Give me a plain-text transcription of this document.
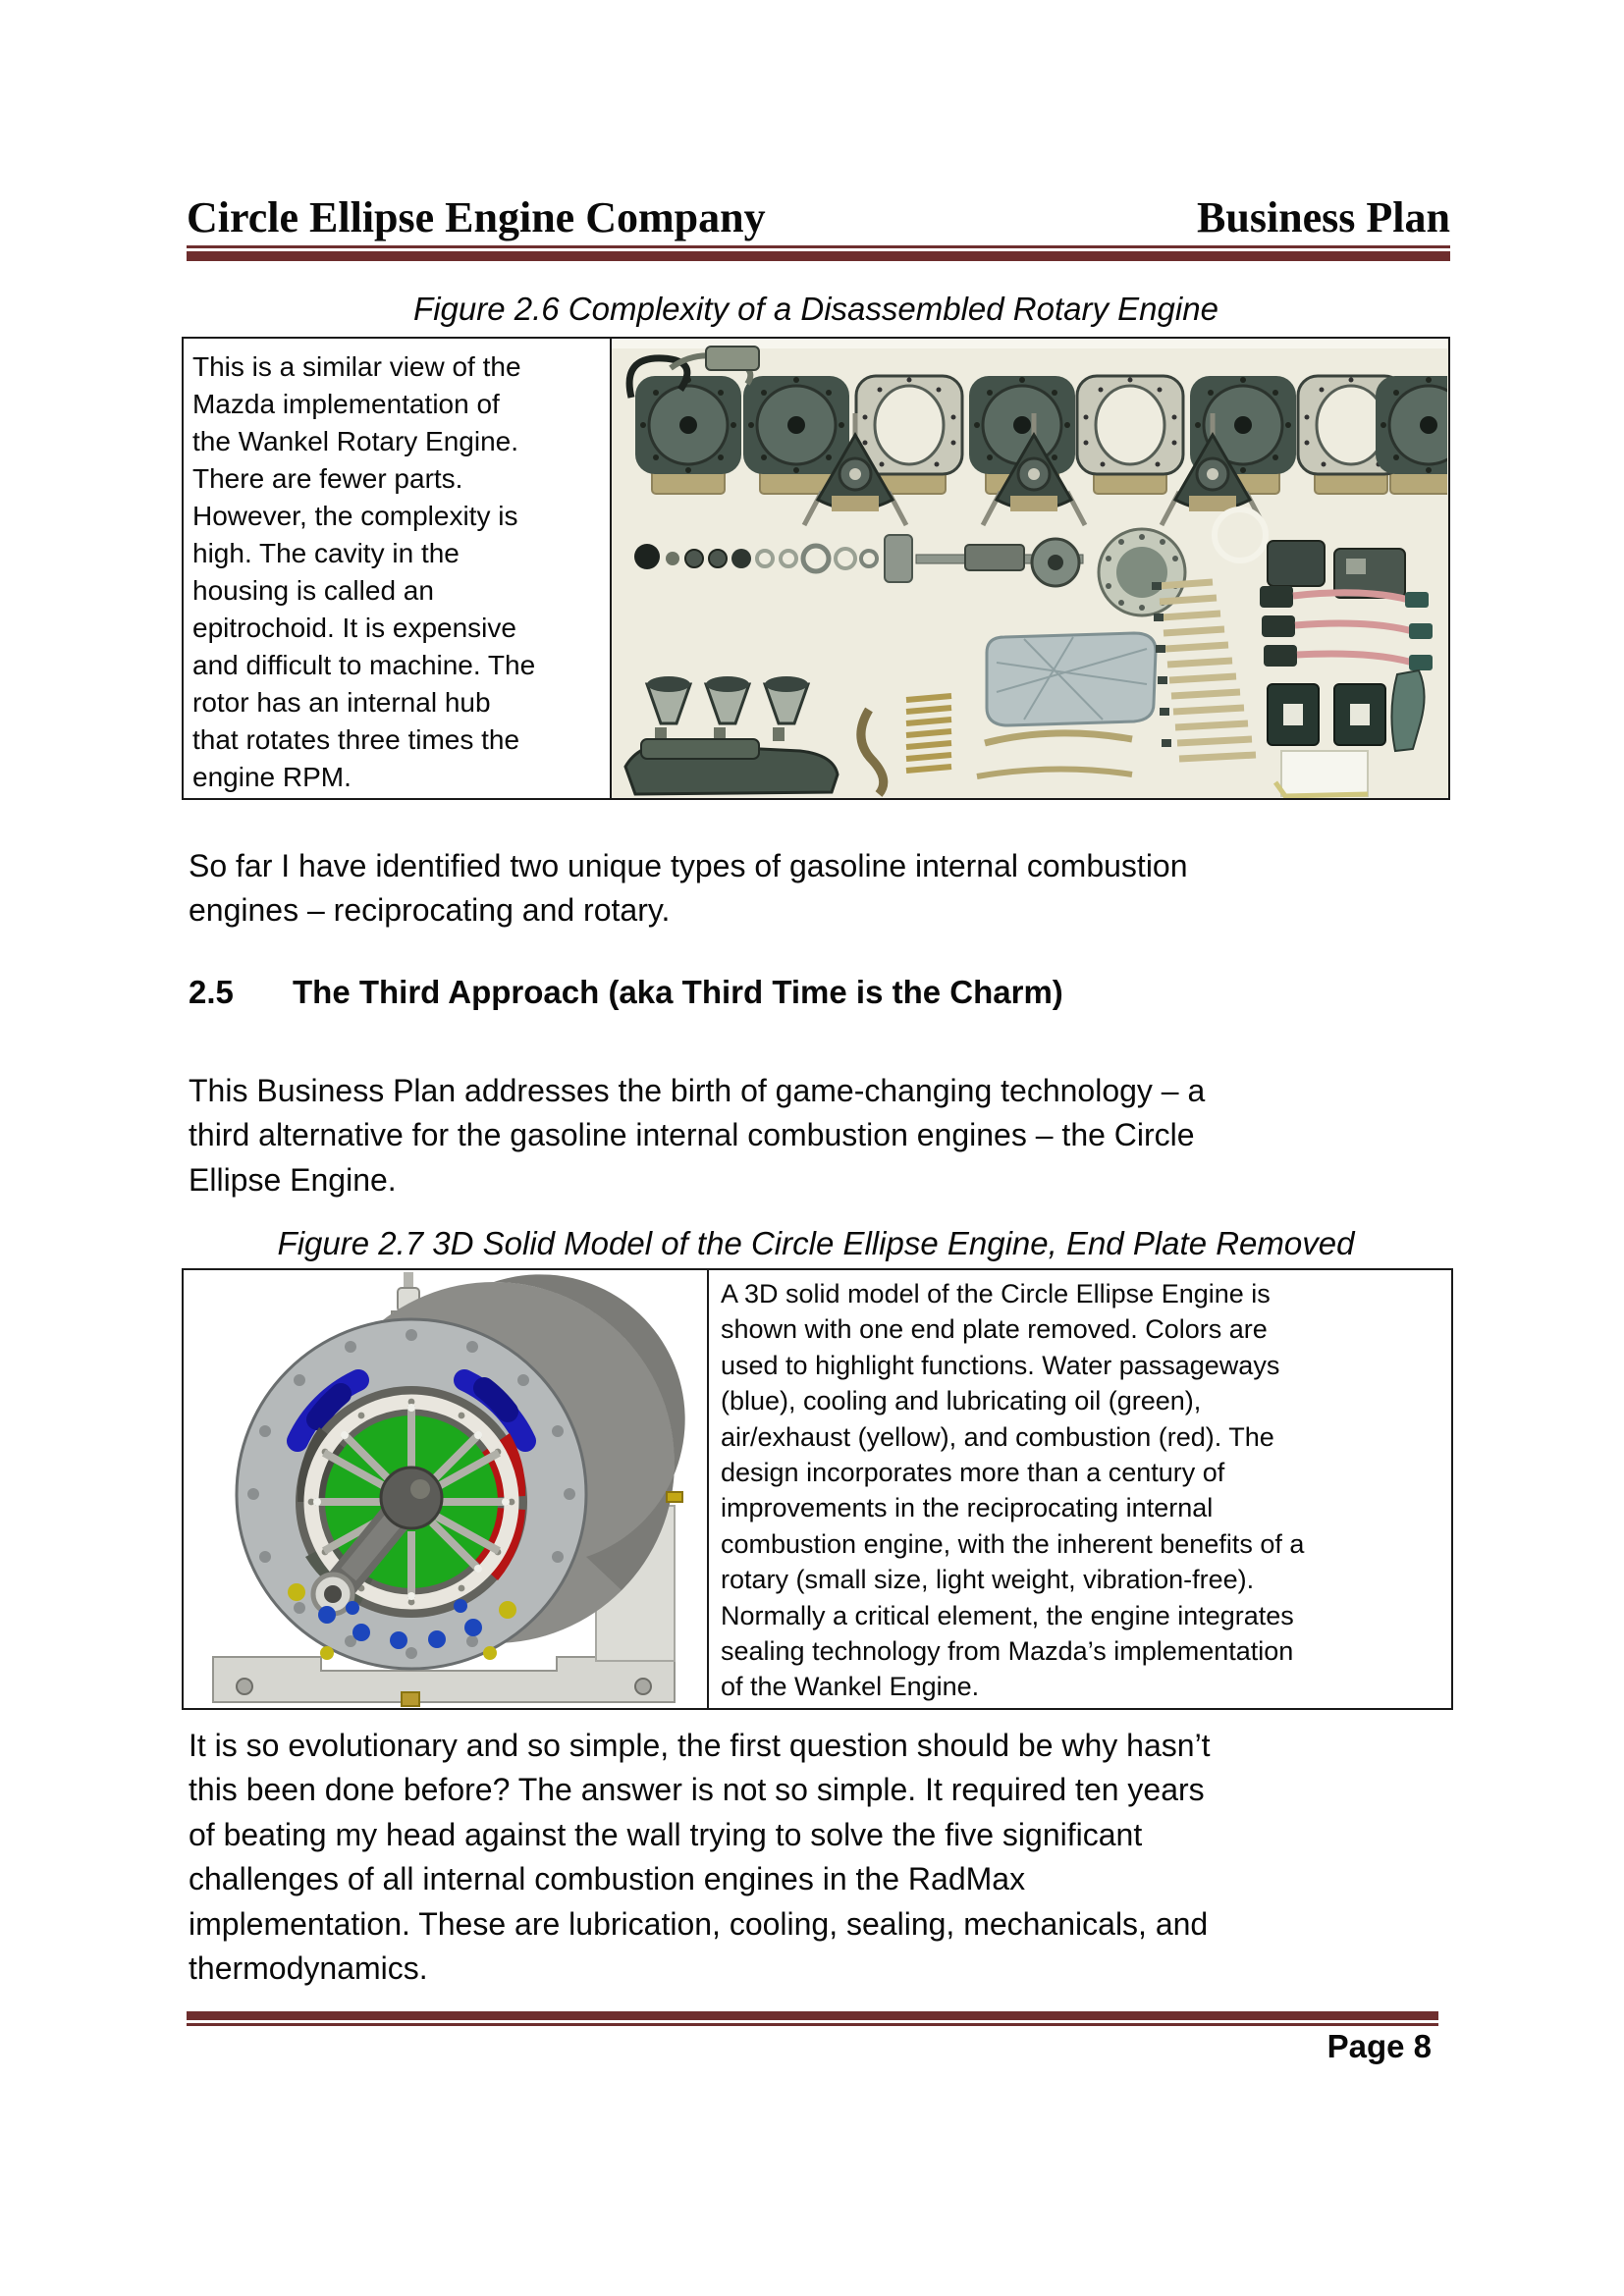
Circle Ellipse Engine Company	Business Plan
Figure 2.6 Complexity of a Disassembled Rotary Engine
This is a similar view of the
Mazda implementation of
the Wankel Rotary Engine.
There are fewer parts.
However, the complexity is
high. The cavity in the
housing is called an
epitrochoid. It is expensive
and difficult to machine. The
rotor has an internal hub
that rotates three times the
engine RPM.
So far I have identified two unique types of gasoline internal combustion
engines – reciprocating and rotary.
2.5 The Third Approach (aka Third Time is the Charm)
This Business Plan addresses the birth of game-changing technology – a
third alternative for the gasoline internal combustion engines – the Circle
Ellipse Engine.
Figure 2.7 3D Solid Model of the Circle Ellipse Engine, End Plate Removed
A 3D solid model of the Circle Ellipse Engine is
shown with one end plate removed. Colors are
used to highlight functions. Water passageways
(blue), cooling and lubricating oil (green),
air/exhaust (yellow), and combustion (red). The
design incorporates more than a century of
improvements in the reciprocating internal
combustion engine, with the inherent benefits of a
rotary (small size, light weight, vibration-free).
Normally a critical element, the engine integrates
sealing technology from Mazda’s implementation
of the Wankel Engine.
It is so evolutionary and so simple, the first question should be why hasn’t
this been done before? The answer is not so simple. It required ten years
of beating my head against the wall trying to solve the five significant
challenges of all internal combustion engines in the RadMax
implementation. These are lubrication, cooling, sealing, mechanicals, and
thermodynamics.
Page 8
